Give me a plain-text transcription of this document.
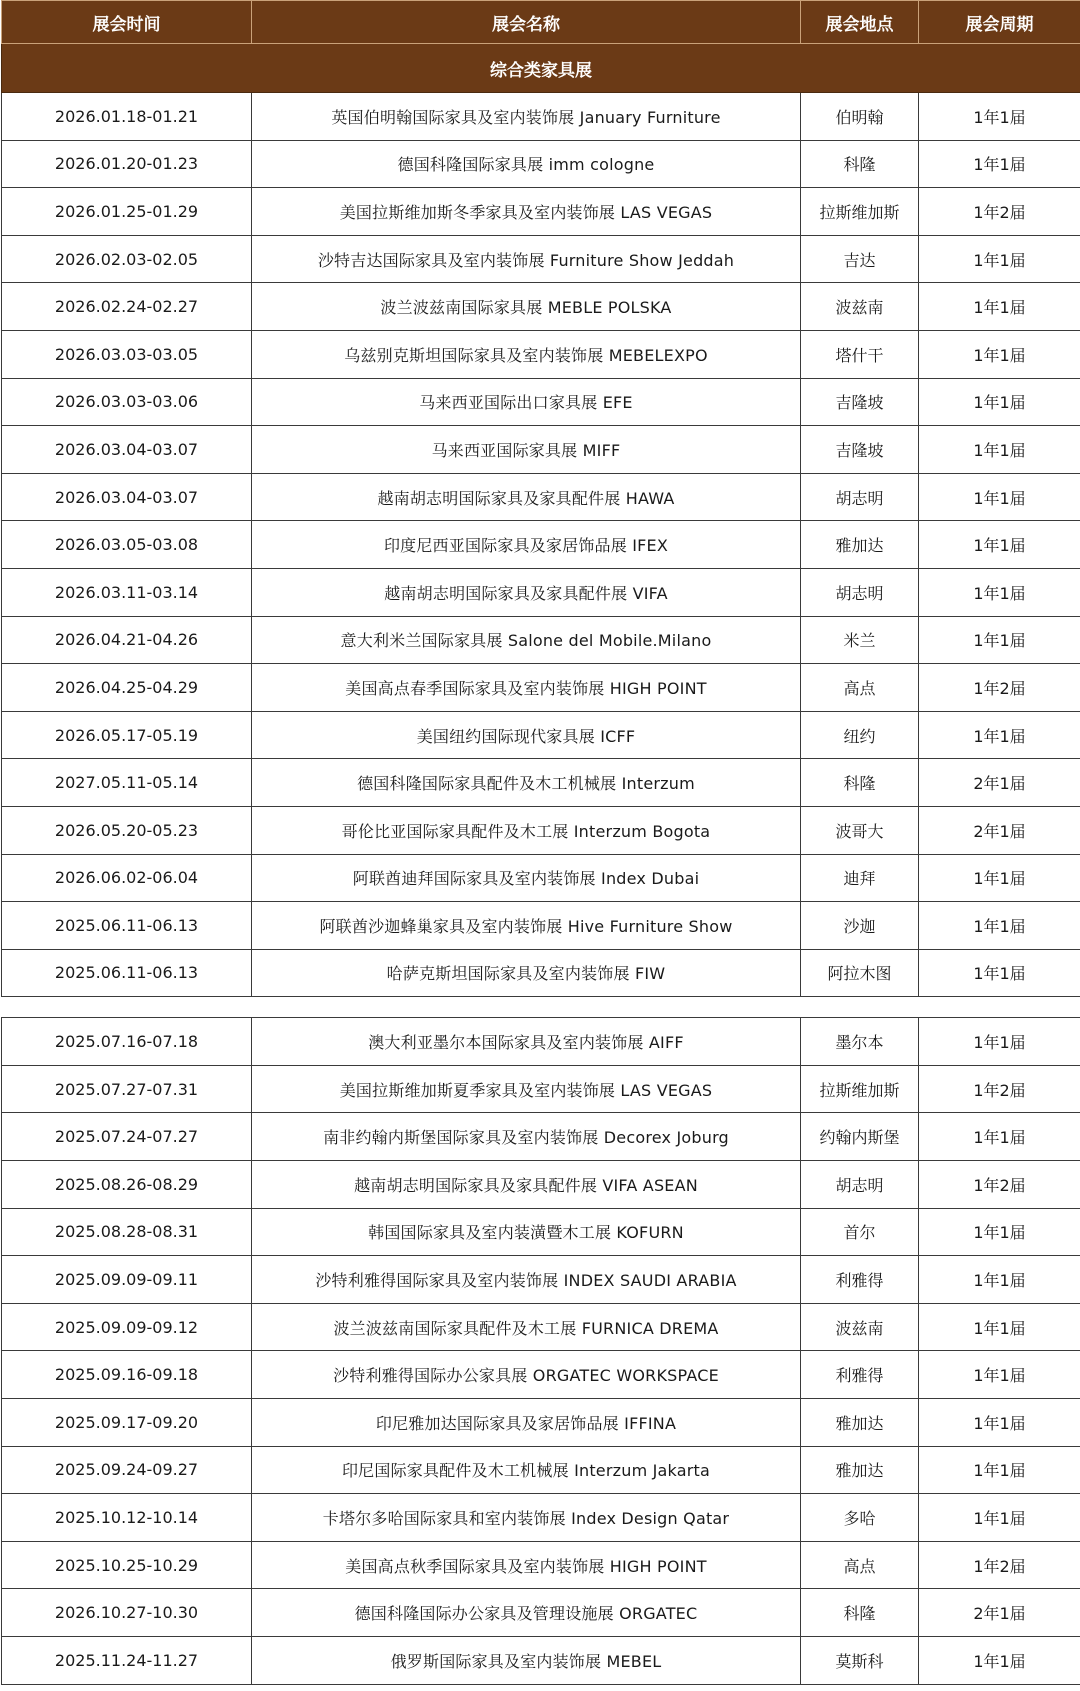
展会时间	展会名称	展会地点	展会周期
综合类家具展			
2026.01.18-01.21	英国伯明翰国际家具及室内装饰展 January Furniture	伯明翰	1年1届
2026.01.20-01.23	德国科隆国际家具展 imm cologne	科隆	1年1届
2026.01.25-01.29	美国拉斯维加斯冬季家具及室内装饰展 LAS VEGAS	拉斯维加斯	1年2届
2026.02.03-02.05	沙特吉达国际家具及室内装饰展 Furniture Show Jeddah	吉达	1年1届
2026.02.24-02.27	波兰波兹南国际家具展 MEBLE POLSKA	波兹南	1年1届
2026.03.03-03.05	乌兹别克斯坦国际家具及室内装饰展 MEBELEXPO	塔什干	1年1届
2026.03.03-03.06	马来西亚国际出口家具展 EFE	吉隆坡	1年1届
2026.03.04-03.07	马来西亚国际家具展 MIFF	吉隆坡	1年1届
2026.03.04-03.07	越南胡志明国际家具及家具配件展 HAWA	胡志明	1年1届
2026.03.05-03.08	印度尼西亚国际家具及家居饰品展 IFEX	雅加达	1年1届
2026.03.11-03.14	越南胡志明国际家具及家具配件展 VIFA	胡志明	1年1届
2026.04.21-04.26	意大利米兰国际家具展 Salone del Mobile.Milano	米兰	1年1届
2026.04.25-04.29	美国高点春季国际家具及室内装饰展 HIGH POINT	高点	1年2届
2026.05.17-05.19	美国纽约国际现代家具展 ICFF	纽约	1年1届
2027.05.11-05.14	德国科隆国际家具配件及木工机械展 Interzum	科隆	2年1届
2026.05.20-05.23	哥伦比亚国际家具配件及木工展 Interzum Bogota	波哥大	2年1届
2026.06.02-06.04	阿联酋迪拜国际家具及室内装饰展 Index Dubai	迪拜	1年1届
2025.06.11-06.13	阿联酋沙迦蜂巢家具及室内装饰展 Hive Furniture Show	沙迦	1年1届
2025.06.11-06.13	哈萨克斯坦国际家具及室内装饰展 FIW	阿拉木图	1年1届
2025.07.16-07.18	澳大利亚墨尔本国际家具及室内装饰展 AIFF	墨尔本	1年1届
2025.07.27-07.31	美国拉斯维加斯夏季家具及室内装饰展 LAS VEGAS	拉斯维加斯	1年2届
2025.07.24-07.27	南非约翰内斯堡国际家具及室内装饰展 Decorex Joburg	约翰内斯堡	1年1届
2025.08.26-08.29	越南胡志明国际家具及家具配件展 VIFA ASEAN	胡志明	1年2届
2025.08.28-08.31	韩国国际家具及室内装潢暨木工展 KOFURN	首尔	1年1届
2025.09.09-09.11	沙特利雅得国际家具及室内装饰展 INDEX SAUDI ARABIA	利雅得	1年1届
2025.09.09-09.12	波兰波兹南国际家具配件及木工展 FURNICA DREMA	波兹南	1年1届
2025.09.16-09.18	沙特利雅得国际办公家具展 ORGATEC WORKSPACE	利雅得	1年1届
2025.09.17-09.20	印尼雅加达国际家具及家居饰品展 IFFINA	雅加达	1年1届
2025.09.24-09.27	印尼国际家具配件及木工机械展 Interzum Jakarta	雅加达	1年1届
2025.10.12-10.14	卡塔尔多哈国际家具和室内装饰展 Index Design Qatar	多哈	1年1届
2025.10.25-10.29	美国高点秋季国际家具及室内装饰展 HIGH POINT	高点	1年2届
2026.10.27-10.30	德国科隆国际办公家具及管理设施展 ORGATEC	科隆	2年1届
2025.11.24-11.27	俄罗斯国际家具及室内装饰展 MEBEL	莫斯科	1年1届
